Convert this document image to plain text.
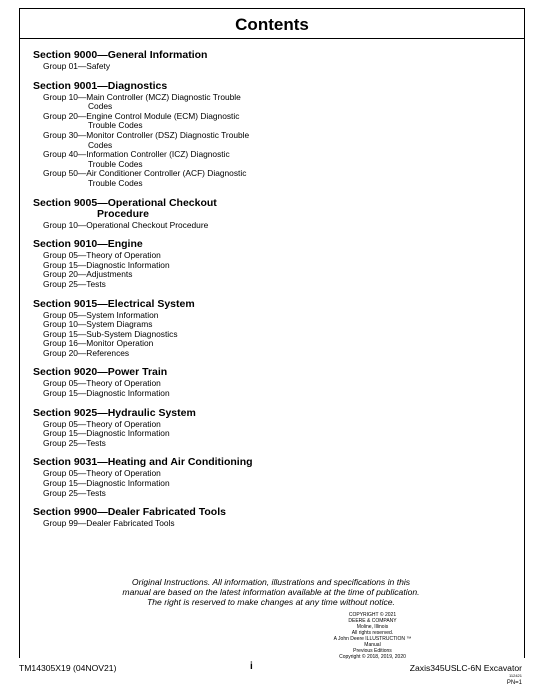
Contents
Section 9000—General Information
Group 01—Safety
Section 9001—Diagnostics
Group 10—Main Controller (MCZ) Diagnostic Trouble
Codes
Group 20—Engine Control Module (ECM) Diagnostic
Trouble Codes
Group 30—Monitor Controller (DSZ) Diagnostic Trouble
Codes
Group 40—Information Controller (ICZ) Diagnostic
Trouble Codes
Group 50—Air Conditioner Controller (ACF) Diagnostic
Trouble Codes
Section 9005—Operational Checkout
Procedure
Group 10—Operational Checkout Procedure
Section 9010—Engine
Group 05—Theory of Operation
Group 15—Diagnostic Information
Group 20—Adjustments
Group 25—Tests
Section 9015—Electrical System
Group 05—System Information
Group 10—System Diagrams
Group 15—Sub-System Diagnostics
Group 16—Monitor Operation
Group 20—References
Section 9020—Power Train
Group 05—Theory of Operation
Group 15—Diagnostic Information
Section 9025—Hydraulic System
Group 05—Theory of Operation
Group 15—Diagnostic Information
Group 25—Tests
Section 9031—Heating and Air Conditioning
Group 05—Theory of Operation
Group 15—Diagnostic Information
Group 25—Tests
Section 9900—Dealer Fabricated Tools
Group 99—Dealer Fabricated Tools
Original Instructions. All information, illustrations and specifications in this
manual are based on the latest information available at the time of publication.
The right is reserved to make changes at any time without notice.
COPYRIGHT © 2021
DEERE & COMPANY
Moline, Illinois
All rights reserved.
A John Deere ILLUSTRUCTION ™ Manual
Previous Editions
Copyright © 2018, 2019, 2020
TM14305X19 (04NOV21)	i	Zaxis345USLC-6N Excavator
112421
PN=1
